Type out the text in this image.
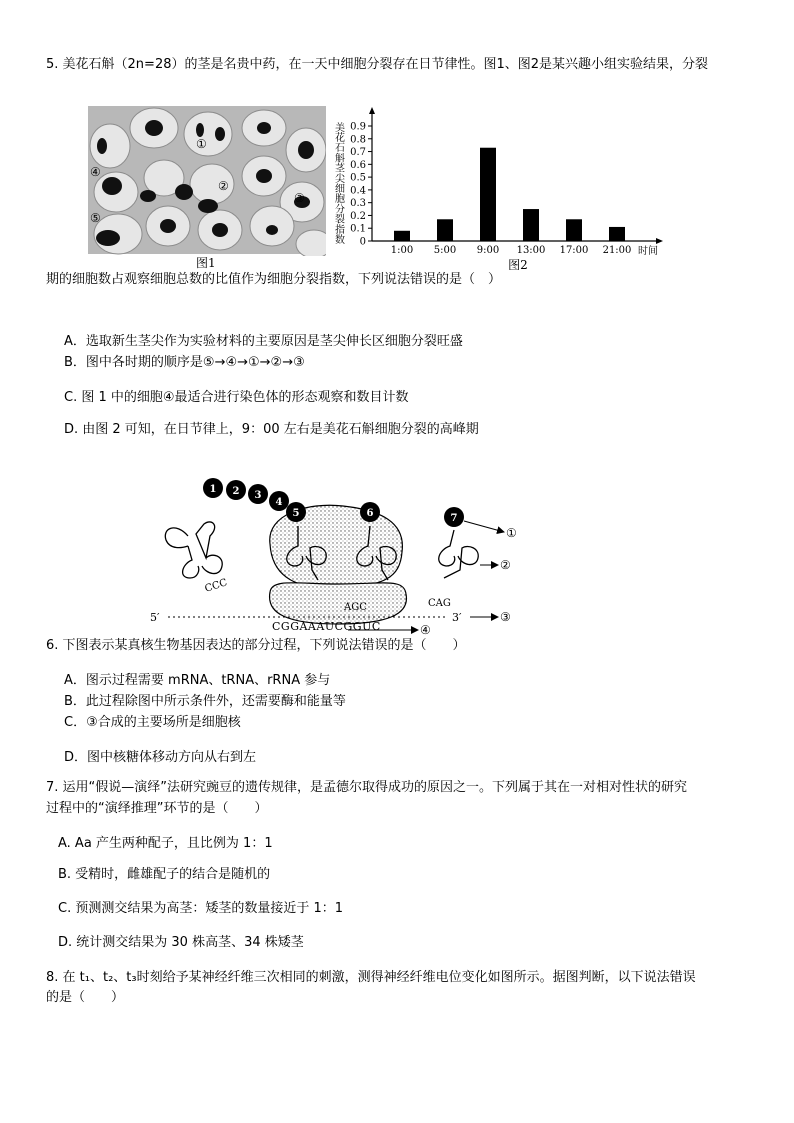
5. 美花石斛（2n=28）的茎是名贵中药，在一天中细胞分裂存在日节律性。图1、图2是某兴趣小组实验结果，分裂
①
②
③
④
⑤
图1
美花石斛茎尖细胞分裂指数 0
0.1
0.2
0.3
0.4
0.5
0.6
0.7
0.8
0.9
1:00 5:00 9:00 13:00 17:00 21:00 时间
图2
期的细胞数占观察细胞总数的比值作为细胞分裂指数，下列说法错误的是（　）
A．选取新生茎尖作为实验材料的主要原因是茎尖伸长区细胞分裂旺盛
B．图中各时期的顺序是⑤→④→①→②→③
C. 图 1 中的细胞④最适合进行染色体的形态观察和数目计数
D. 由图 2 可知，在日节律上，9：00 左右是美花石斛细胞分裂的高峰期
1 2 3
4
5	6	7
CCC
AGC	CAG
5′	3′
CGGAAAUCGGUC
①
②
③
④
6. 下图表示某真核生物基因表达的部分过程，下列说法错误的是（　　）
A．图示过程需要 mRNA、tRNA、rRNA 参与
B．此过程除图中所示条件外，还需要酶和能量等
C．③合成的主要场所是细胞核
D．图中核糖体移动方向从右到左
7. 运用“假说—演绎”法研究豌豆的遗传规律，是孟德尔取得成功的原因之一。下列属于其在一对相对性状的研究
过程中的“演绎推理”环节的是（　　）
A. Aa 产生两种配子，且比例为 1：1
B. 受精时，雌雄配子的结合是随机的
C. 预测测交结果为高茎：矮茎的数量接近于 1：1
D. 统计测交结果为 30 株高茎、34 株矮茎
8. 在 t₁、t₂、t₃时刻给予某神经纤维三次相同的刺激，测得神经纤维电位变化如图所示。据图判断，以下说法错误
的是（　　）
